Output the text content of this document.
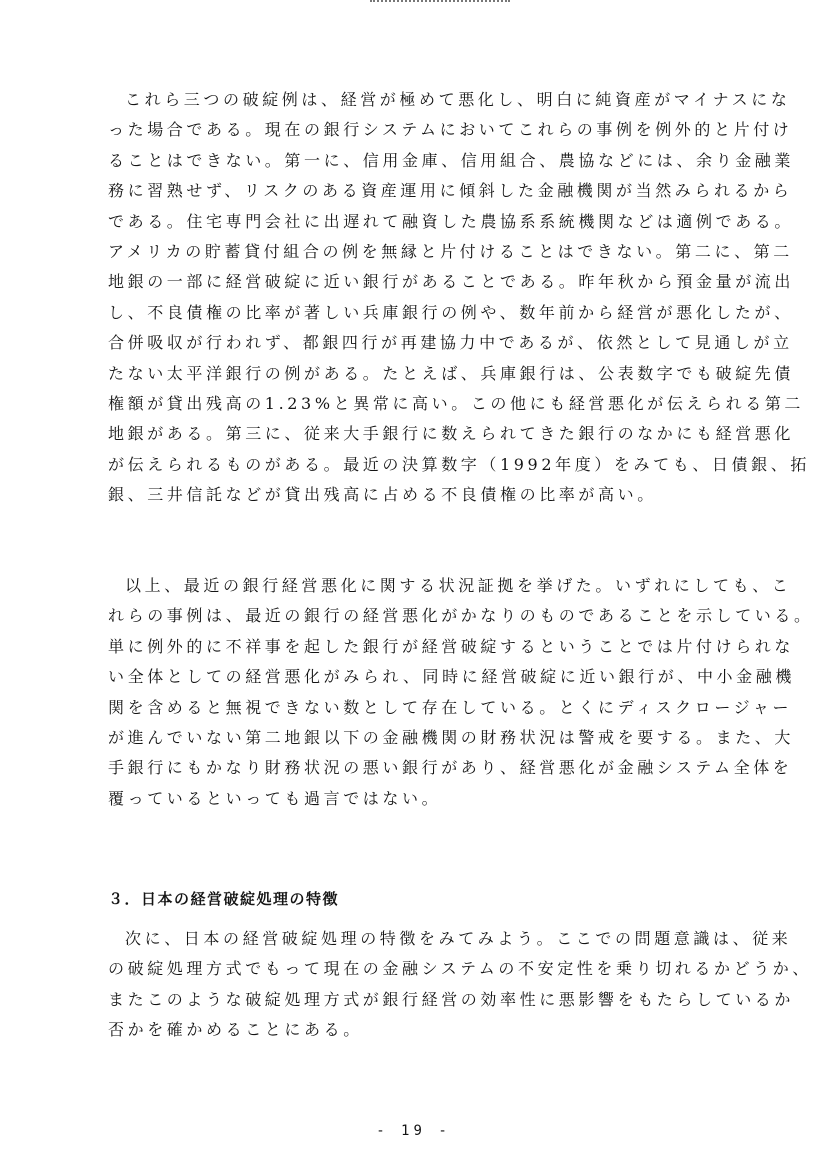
これら三つの破綻例は、経営が極めて悪化し、明白に純資産がマイナスにな
った場合である。現在の銀行システムにおいてこれらの事例を例外的と片付け
ることはできない。第一に、信用金庫、信用組合、農協などには、余り金融業
務に習熟せず、リスクのある資産運用に傾斜した金融機関が当然みられるから
である。住宅専門会社に出遅れて融資した農協系系統機関などは適例である。
アメリカの貯蓄貸付組合の例を無縁と片付けることはできない。第二に、第二
地銀の一部に経営破綻に近い銀行があることである。昨年秋から預金量が流出
し、不良債権の比率が著しい兵庫銀行の例や、数年前から経営が悪化したが、
合併吸収が行われず、都銀四行が再建協力中であるが、依然として見通しが立
たない太平洋銀行の例がある。たとえば、兵庫銀行は、公表数字でも破綻先債
権額が貸出残高の1.23%と異常に高い。この他にも経営悪化が伝えられる第二
地銀がある。第三に、従来大手銀行に数えられてきた銀行のなかにも経営悪化
が伝えられるものがある。最近の決算数字（1992年度）をみても、日債銀、拓
銀、三井信託などが貸出残高に占める不良債権の比率が高い。
以上、最近の銀行経営悪化に関する状況証拠を挙げた。いずれにしても、こ
れらの事例は、最近の銀行の経営悪化がかなりのものであることを示している。
単に例外的に不祥事を起した銀行が経営破綻するということでは片付けられな
い全体としての経営悪化がみられ、同時に経営破綻に近い銀行が、中小金融機
関を含めると無視できない数として存在している。とくにディスクロージャー
が進んでいない第二地銀以下の金融機関の財務状況は警戒を要する。また、大
手銀行にもかなり財務状況の悪い銀行があり、経営悪化が金融システム全体を
覆っているといっても過言ではない。
３．日本の経営破綻処理の特徴
次に、日本の経営破綻処理の特徴をみてみよう。ここでの問題意識は、従来
の破綻処理方式でもって現在の金融システムの不安定性を乗り切れるかどうか、
またこのような破綻処理方式が銀行経営の効率性に悪影響をもたらしているか
否かを確かめることにある。
- 19 -
